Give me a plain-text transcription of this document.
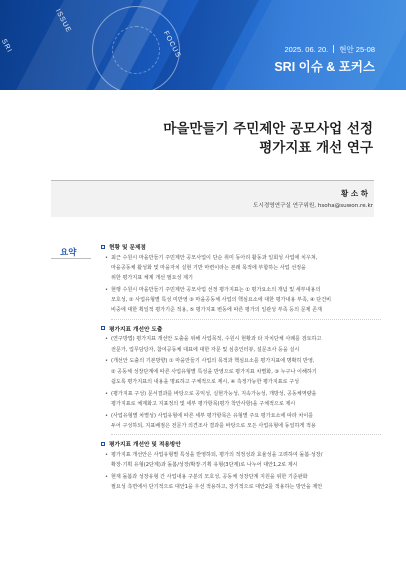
SRI
ISSUE
FOCUS	2025. 06. 20. 현안 25-08
SRI 이슈 & 포커스
마을만들기 주민제안 공모사업 선정
평가지표 개선 연구
황 소 하
도시경영연구실 연구위원, hsoha@suwon.re.kr
요약	현황 및 문제점
• 최근 수원시 마을만들기 주민제안 공모사업이 단순 취미 동아리 활동과 일회성 사업에 치우쳐,
마을공동체 활성화 및 마을자치 실현 기반 마련이라는 본래 목적에 부합하는 사업 선정을
위한 평가지표 체계 개선 필요성 제기
• 현행 수원시 마을만들기 주민제안 공모사업 선정 평가지표는 ① 평가요소의 개념 및 세부내용의
모호성, ② 사업유형별 특성 미반영 ③ 마을공동체 사업의 핵심요소에 대한 평가내용 부족, ④ 단건비
비중에 대한 획일적 평가기준 적용, ⑤ 평가지표 변동에 따른 평가의 일관성 부족 등의 문제 존재
평가지표 개선안 도출
• (연구방법) 평가지표 개선안 도출을 위해 사업목적, 수원시 현황과 타 자치단체 사례를 검토하고
전문가, 업무담당자, 참여공동체 대표에 대한 자문 및 심층인터뷰, 설문조사 등을 실시
• (개선안 도출의 기본방향) ① 마을만들기 사업의 목적과 핵심요소를 평가지표에 명확히 반영,
② 공동체 성장단계에 따른 사업유형별 특성을 반영으로 평가지표 차별화, ③ 누구나 이해하기
쉽도록 평가지표의 내용을 명료하고 구체적으로 제시, ④ 측정가능한 평가지표로 구성
• (평가지표 구성) 문서결과를 바탕으로 공익성, 실현가능성, 지속가능성, 개방성, 공동체역량을
평가지표로 체계화고 지표정의 및 세부 평가항목(평가 착안사항)을 구체적으로 제시
• (사업유형별 차별성) 사업유형에 따른 세부 평가항목은 유형별 주요 평가요소에 따라 차이를
두어 구성하되, 지표배점은 전문가 의견조사 결과를 바탕으로 모든 사업유형에 동일하게 적용
평가지표 개선안 및 적용방안
• 평가지표 개선안은 사업유형별 특성을 반영하되, 평가의 적정성과 효율성을 고려하여 돌봄·성장/
확장·기획 유형(2단계)과 돌봄/성장/확장·기획 유형(3단계)로 나누어 대안1,2로 제시
• 현재 돌봄과 성장유형 간 사업내용 구분의 모호성, 공동체 성장단계 지원을 위한 기준완화
필요성 측면에서 단기적으로 대안1을 우선 적용하고, 장기적으로 대안2를 적용하는 방안을 제안
